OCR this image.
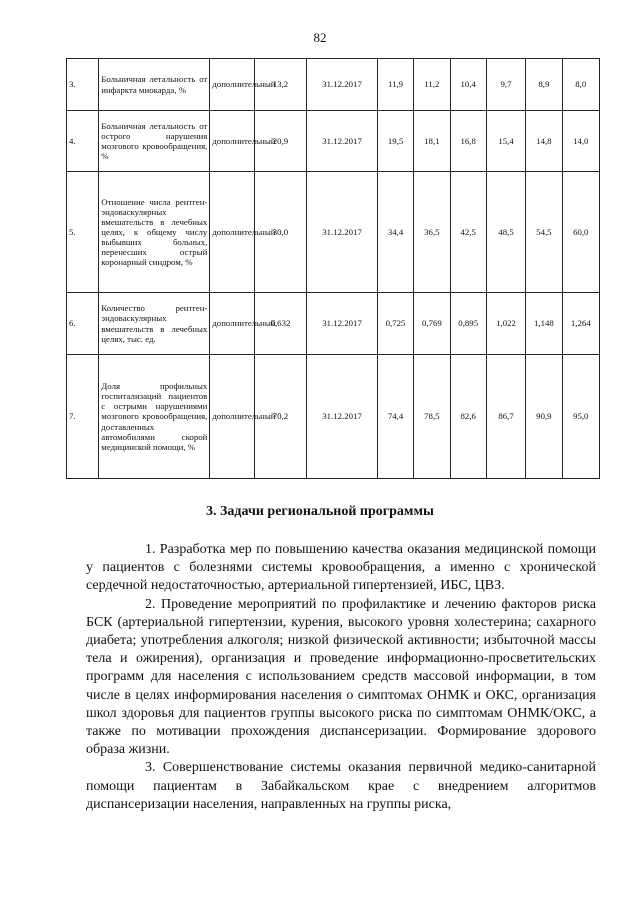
82
3.	Больничная летальность от инфаркта миокарда, %	дополнительный	13,2	31.12.2017	11,9	11,2	10,4	9,7	8,9	8,0
4.	Больничная летальность от острого нарушения мозгового кровообращения, %	дополнительный	20,9	31.12.2017	19,5	18,1	16,8	15,4	14,8	14,0
5.	Отношение числа рентген-эндоваскулярных вмешательств в лечебных целях, к общему числу выбывших больных, перенесших острый коронарный синдром, %	дополнительный	30,0	31.12.2017	34,4	36,5	42,5	48,5	54,5	60,0
6.	Количество рентген-эндоваскулярных вмешательств в лечебных целях, тыс. ед.	дополнительный	0,632	31.12.2017	0,725	0,769	0,895	1,022	1,148	1,264
7.	Доля профильных госпитализаций пациентов с острыми нарушениями мозгового кровообращения, доставленных автомобилями скорой медицинской помощи, %	дополнительный	70,2	31.12.2017	74,4	78,5	82,6	86,7	90,9	95,0
3. Задачи региональной программы

1. Разработка мер по повышению качества оказания медицинской помощи у пациентов с болезнями системы кровообращения, а именно с хронической сердечной недостаточностью, артериальной гипертензией, ИБС, ЦВЗ.

2. Проведение мероприятий по профилактике и лечению факторов риска БСК (артериальной гипертензии, курения, высокого уровня холестерина; сахарного диабета; употребления алкоголя; низкой физической активности; избыточной массы тела и ожирения), организация и проведение информационно-просветительских программ для населения с использованием средств массовой информации, в том числе в целях информирования населения о симптомах ОНМК и ОКС, организация школ здоровья для пациентов группы высокого риска по симптомам ОНМК/ОКС, а также по мотивации прохождения диспансеризации. Формирование здорового образа жизни.

3. Совершенствование системы оказания первичной медико-санитарной помощи пациентам в Забайкальском крае с внедрением алгоритмов диспансеризации населения, направленных на группы риска,
